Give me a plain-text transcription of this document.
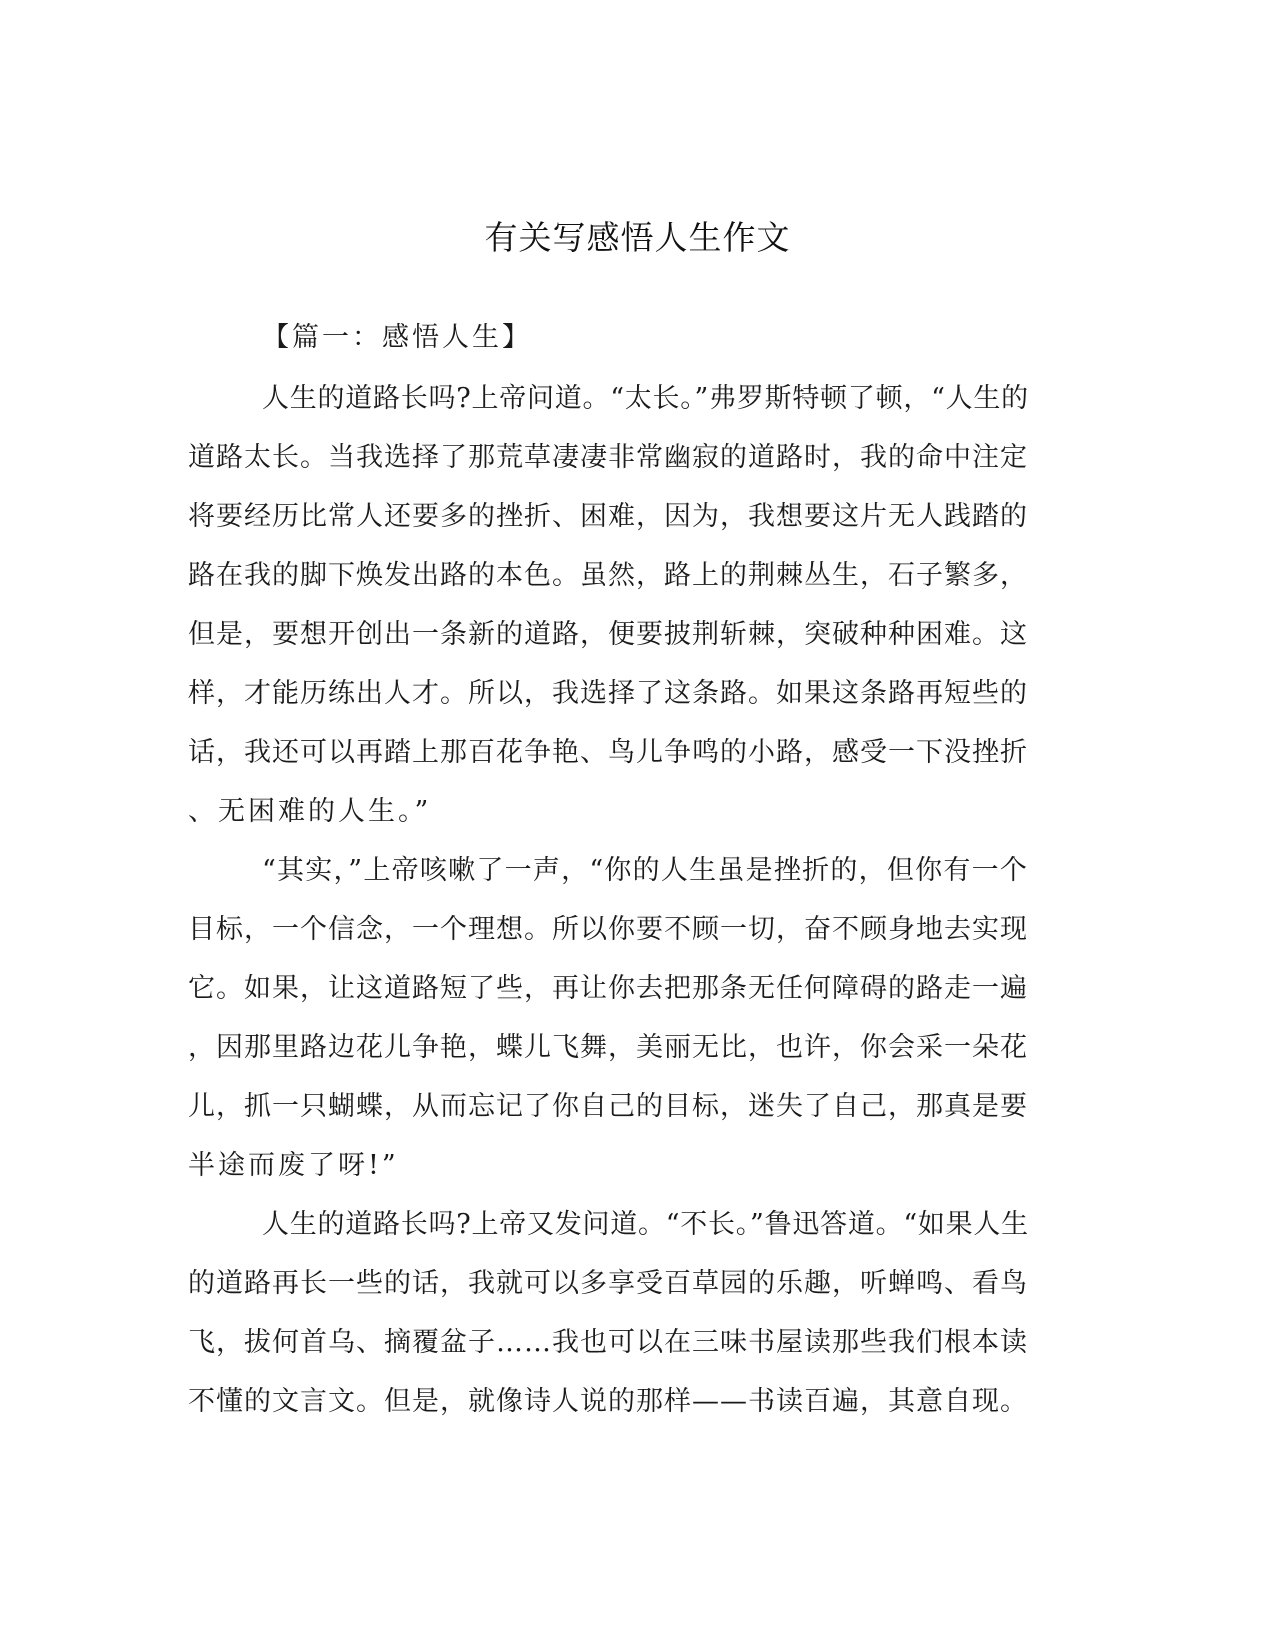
有关写感悟人生作文

【篇一：感悟人生】

人生的道路长吗?上帝问道。“太长。”弗罗斯特顿了顿，“人生的

道路太长。当我选择了那荒草凄凄非常幽寂的道路时，我的命中注定

将要经历比常人还要多的挫折、困难，因为，我想要这片无人践踏的

路在我的脚下焕发出路的本色。虽然，路上的荆棘丛生，石子繁多，

但是，要想开创出一条新的道路，便要披荆斩棘，突破种种困难。这

样，才能历练出人才。所以，我选择了这条路。如果这条路再短些的

话，我还可以再踏上那百花争艳、鸟儿争鸣的小路，感受一下没挫折

、无困难的人生。”

“其实，”上帝咳嗽了一声，“你的人生虽是挫折的，但你有一个

目标，一个信念，一个理想。所以你要不顾一切，奋不顾身地去实现

它。如果，让这道路短了些，再让你去把那条无任何障碍的路走一遍

，因那里路边花儿争艳，蝶儿飞舞，美丽无比，也许，你会采一朵花

儿，抓一只蝴蝶，从而忘记了你自己的目标，迷失了自己，那真是要

半途而废了呀!”

人生的道路长吗?上帝又发问道。“不长。”鲁迅答道。“如果人生

的道路再长一些的话，我就可以多享受百草园的乐趣，听蝉鸣、看鸟

飞，拔何首乌、摘覆盆子……我也可以在三味书屋读那些我们根本读

不懂的文言文。但是，就像诗人说的那样——书读百遍，其意自现。
